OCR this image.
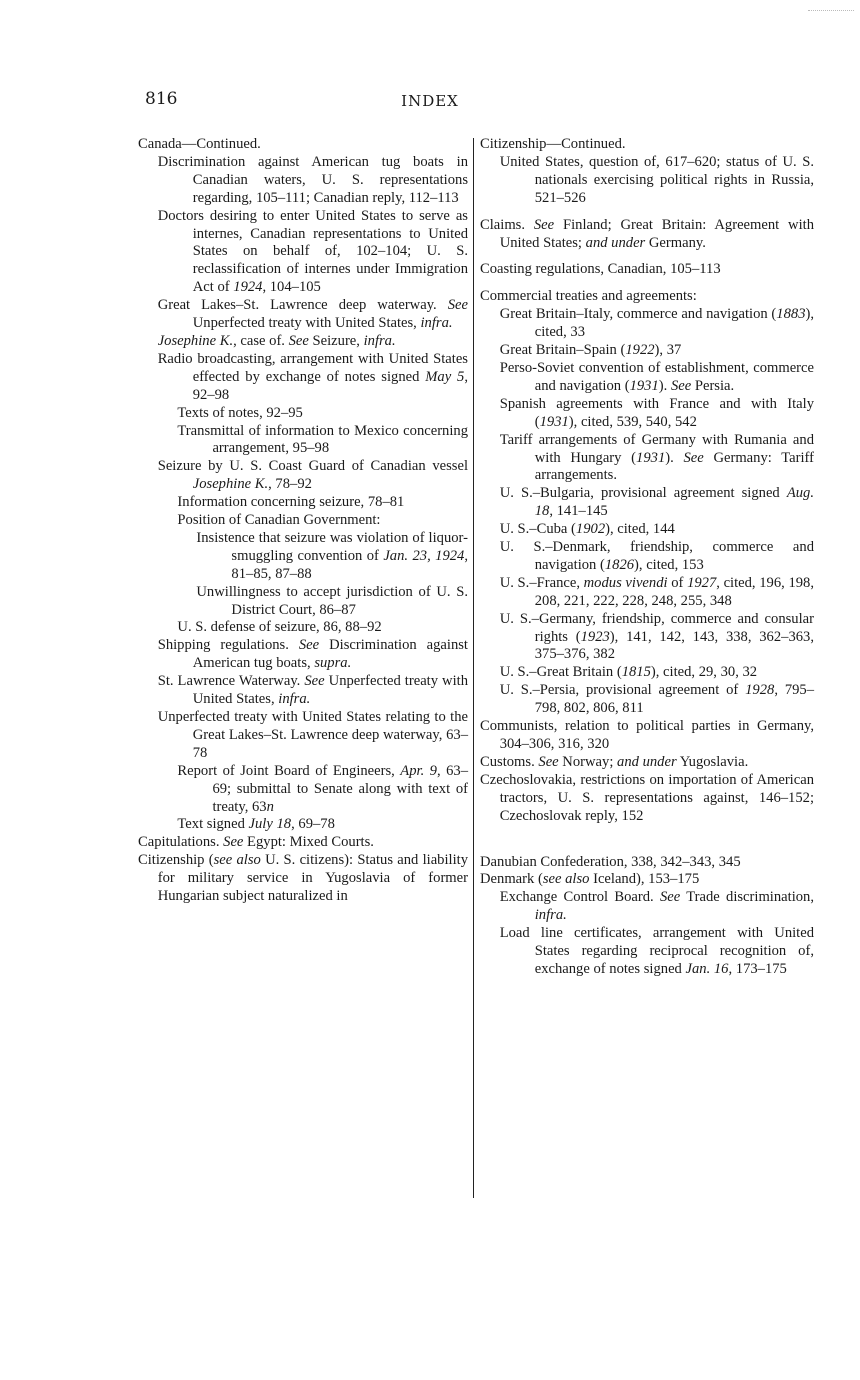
816	INDEX
Canada—Continued.
Discrimination against American tug boats in Canadian waters, U. S. representations regarding, 105–111; Canadian reply, 112–113
Doctors desiring to enter United States to serve as internes, Canadian representations to United States on behalf of, 102–104; U. S. reclassification of internes under Immigration Act of 1924, 104–105
Great Lakes–St. Lawrence deep waterway. See Unperfected treaty with United States, infra.
Josephine K., case of. See Seizure, infra.
Radio broadcasting, arrangement with United States effected by exchange of notes signed May 5, 92–98
Texts of notes, 92–95
Transmittal of information to Mexico concerning arrangement, 95–98
Seizure by U. S. Coast Guard of Canadian vessel Josephine K., 78–92
Information concerning seizure, 78–81
Position of Canadian Government:
Insistence that seizure was violation of liquor-smuggling convention of Jan. 23, 1924, 81–85, 87–88
Unwillingness to accept jurisdiction of U. S. District Court, 86–87
U. S. defense of seizure, 86, 88–92
Shipping regulations. See Discrimination against American tug boats, supra.
St. Lawrence Waterway. See Unperfected treaty with United States, infra.
Unperfected treaty with United States relating to the Great Lakes–St. Lawrence deep waterway, 63–78
Report of Joint Board of Engineers, Apr. 9, 63–69; submittal to Senate along with text of treaty, 63n
Text signed July 18, 69–78
Capitulations. See Egypt: Mixed Courts.
Citizenship (see also U. S. citizens): Status and liability for military service in Yugoslavia of former Hungarian subject naturalized in
Citizenship—Continued.
United States, question of, 617–620; status of U. S. nationals exercising political rights in Russia, 521–526
Claims. See Finland; Great Britain: Agreement with United States; and under Germany.
Coasting regulations, Canadian, 105–113
Commercial treaties and agreements:
Great Britain–Italy, commerce and navigation (1883), cited, 33
Great Britain–Spain (1922), 37
Perso-Soviet convention of establishment, commerce and navigation (1931). See Persia.
Spanish agreements with France and with Italy (1931), cited, 539, 540, 542
Tariff arrangements of Germany with Rumania and with Hungary (1931). See Germany: Tariff arrangements.
U. S.–Bulgaria, provisional agreement signed Aug. 18, 141–145
U. S.–Cuba (1902), cited, 144
U. S.–Denmark, friendship, commerce and navigation (1826), cited, 153
U. S.–France, modus vivendi of 1927, cited, 196, 198, 208, 221, 222, 228, 248, 255, 348
U. S.–Germany, friendship, commerce and consular rights (1923), 141, 142, 143, 338, 362–363, 375–376, 382
U. S.–Great Britain (1815), cited, 29, 30, 32
U. S.–Persia, provisional agreement of 1928, 795–798, 802, 806, 811
Communists, relation to political parties in Germany, 304–306, 316, 320
Customs. See Norway; and under Yugoslavia.
Czechoslovakia, restrictions on importation of American tractors, U. S. representations against, 146–152; Czechoslovak reply, 152
Danubian Confederation, 338, 342–343, 345
Denmark (see also Iceland), 153–175
Exchange Control Board. See Trade discrimination, infra.
Load line certificates, arrangement with United States regarding reciprocal recognition of, exchange of notes signed Jan. 16, 173–175
